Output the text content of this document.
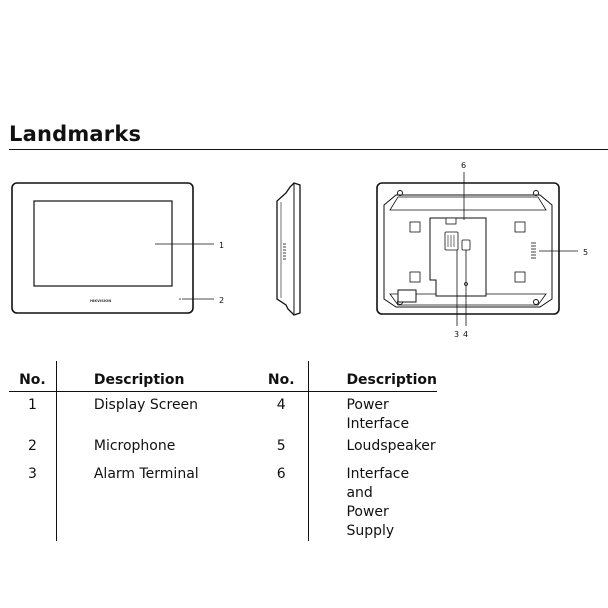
Landmarks
HIKVISION
1
2
6
3 4
5
No.	Description	No.	Description
1	Display Screen	4	Power Interface
2	Microphone	5	Loudspeaker
3	Alarm Terminal	6	Interface and
Power Supply
